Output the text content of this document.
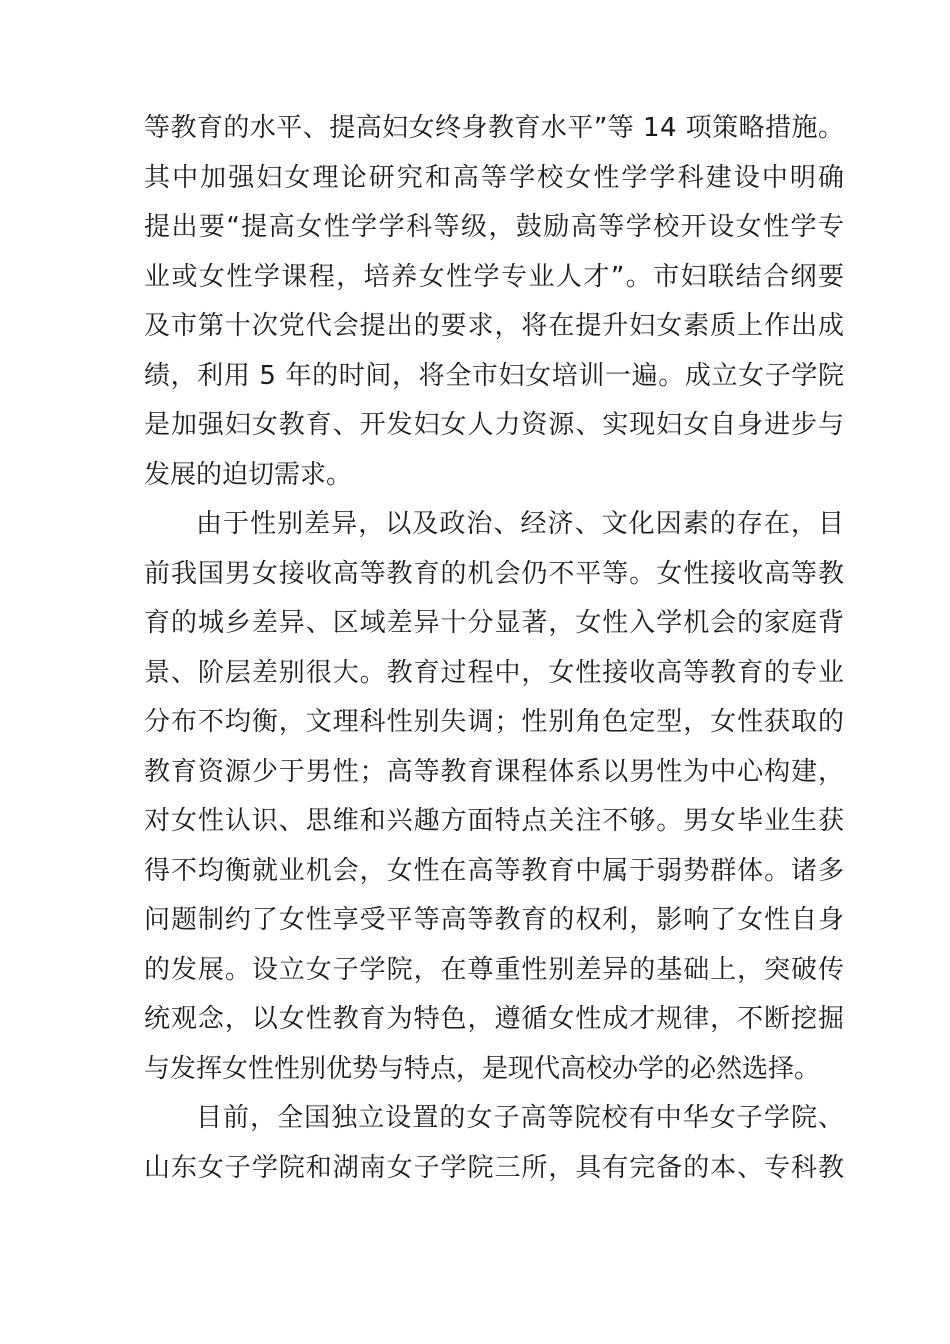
等教育的水平、提高妇女终身教育水平”等 14 项策略措施。
其中加强妇女理论研究和高等学校女性学学科建设中明确
提出要“提高女性学学科等级，鼓励高等学校开设女性学专
业或女性学课程，培养女性学专业人才”。市妇联结合纲要
及市第十次党代会提出的要求，将在提升妇女素质上作出成
绩，利用 5 年的时间，将全市妇女培训一遍。成立女子学院
是加强妇女教育、开发妇女人力资源、实现妇女自身进步与
发展的迫切需求。
由于性别差异，以及政治、经济、文化因素的存在，目
前我国男女接收高等教育的机会仍不平等。女性接收高等教
育的城乡差异、区域差异十分显著，女性入学机会的家庭背
景、阶层差别很大。教育过程中，女性接收高等教育的专业
分布不均衡，文理科性别失调；性别角色定型，女性获取的
教育资源少于男性；高等教育课程体系以男性为中心构建，
对女性认识、思维和兴趣方面特点关注不够。男女毕业生获
得不均衡就业机会，女性在高等教育中属于弱势群体。诸多
问题制约了女性享受平等高等教育的权利，影响了女性自身
的发展。设立女子学院，在尊重性别差异的基础上，突破传
统观念，以女性教育为特色，遵循女性成才规律，不断挖掘
与发挥女性性别优势与特点，是现代高校办学的必然选择。
目前，全国独立设置的女子高等院校有中华女子学院、
山东女子学院和湖南女子学院三所，具有完备的本、专科教
